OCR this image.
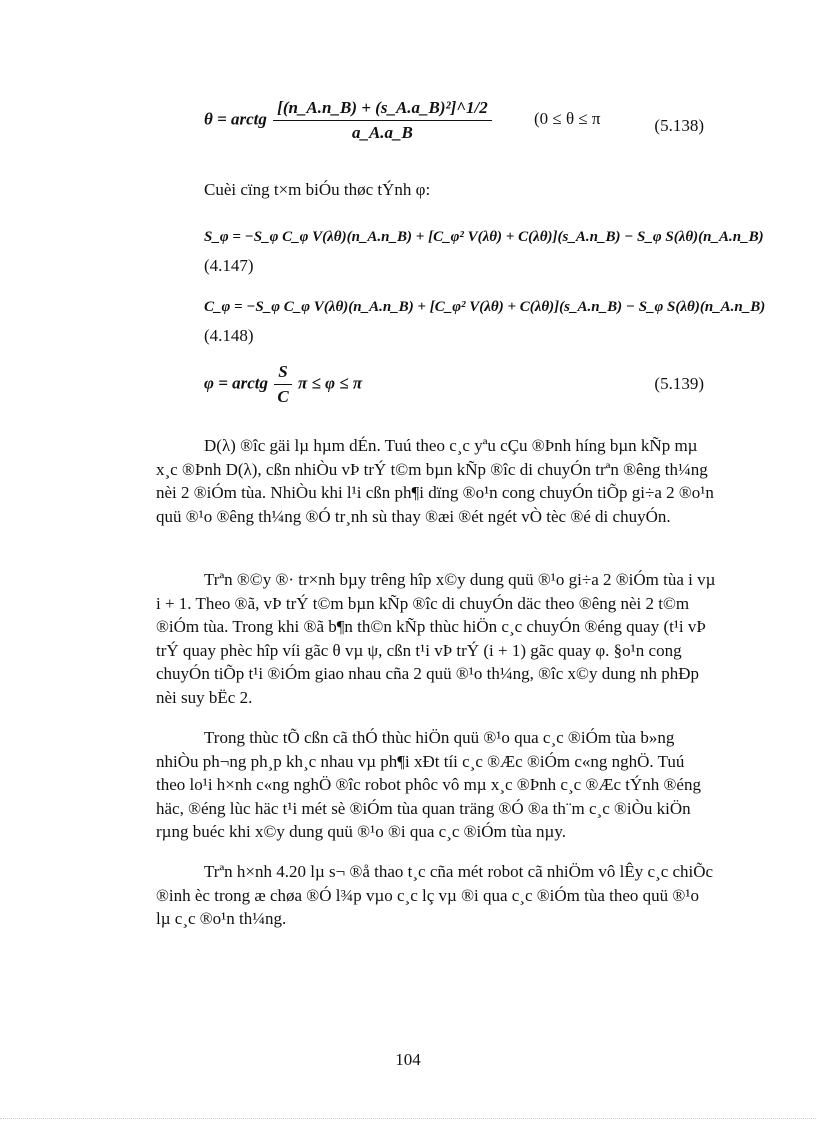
θ = arctg $\frac{\text{[(n\_A.n\_B) + (s\_A.a\_B)²]\textasciicircum{}1/2}}{a\_A.a\_B} (0 \le \theta \le \pi$	(5.138)
Cuèi cïng t×m biÓu thøc tÝnh φ:
S_φ = −S_φ C_φ V(λθ)(n_A.n_B) + [C_φ² V(λθ) + C(λθ)](s_A.n_B) − S_φ S(λθ)(n_A.n_B)
(4.147)
C_φ = −S_φ C_φ V(λθ)(n_A.n_B) + [C_φ² V(λθ) + C(λθ)](s_A.n_B) − S_φ S(λθ)(n_A.n_B)
(4.148)
φ = arctg $\frac{S}{C}$ π ≤ φ ≤ π	(5.139)

D(λ) ®îc gäi lµ hµm dÉn. Tuú theo c¸c yªu cÇu ®Þnh híng bµn kÑp mµ x¸c ®Þnh D(λ), cßn nhiÒu vÞ trÝ t©m bµn kÑp ®îc di chuyÓn trªn ®êng th¼ng nèi 2 ®iÓm tùa. NhiÒu khi l¹i cßn ph¶i dïng ®o¹n cong chuyÓn tiÕp gi÷a 2 ®o¹n quü ®¹o ®êng th¼ng ®Ó tr¸nh sù thay ®æi ®ét ngét vÒ tèc ®é di chuyÓn.

Trªn ®©y ®· tr×nh bµy trêng hîp x©y dung quü ®¹o gi÷a 2 ®iÓm tùa i vµ i + 1. Theo ®ã, vÞ trÝ t©m bµn kÑp ®îc di chuyÓn däc theo ®êng nèi 2 t©m ®iÓm tùa. Trong khi ®ã b¶n th©n kÑp thùc hiÖn c¸c chuyÓn ®éng quay (t¹i vÞ trÝ quay phèc hîp víi gãc θ vµ ψ, cßn t¹i vÞ trÝ (i + 1) gãc quay φ. §o¹n cong chuyÓn tiÕp t¹i ®iÓm giao nhau cña 2 quü ®¹o th¼ng, ®îc x©y dung nh phÐp nèi suy bËc 2.

Trong thùc tÕ cßn cã thÓ thùc hiÖn quü ®¹o qua c¸c ®iÓm tùa b»ng nhiÒu ph¬ng ph¸p kh¸c nhau vµ ph¶i xÐt tíi c¸c ®Æc ®iÓm c«ng nghÖ. Tuú theo lo¹i h×nh c«ng nghÖ ®îc robot phôc vô mµ x¸c ®Þnh c¸c ®Æc tÝnh ®éng häc, ®éng lùc häc t¹i mét sè ®iÓm tùa quan träng ®Ó ®a th¨m c¸c ®iÒu kiÖn rµng buéc khi x©y dung quü ®¹o ®i qua c¸c ®iÓm tùa nµy.

Trªn h×nh 4.20 lµ s¬ ®å thao t¸c cña mét robot cã nhiÖm vô lÊy c¸c chiÕc ®inh èc trong æ chøa ®Ó l¾p vµo c¸c lç vµ ®i qua c¸c ®iÓm tùa theo quü ®¹o lµ c¸c ®o¹n th¼ng.

104
